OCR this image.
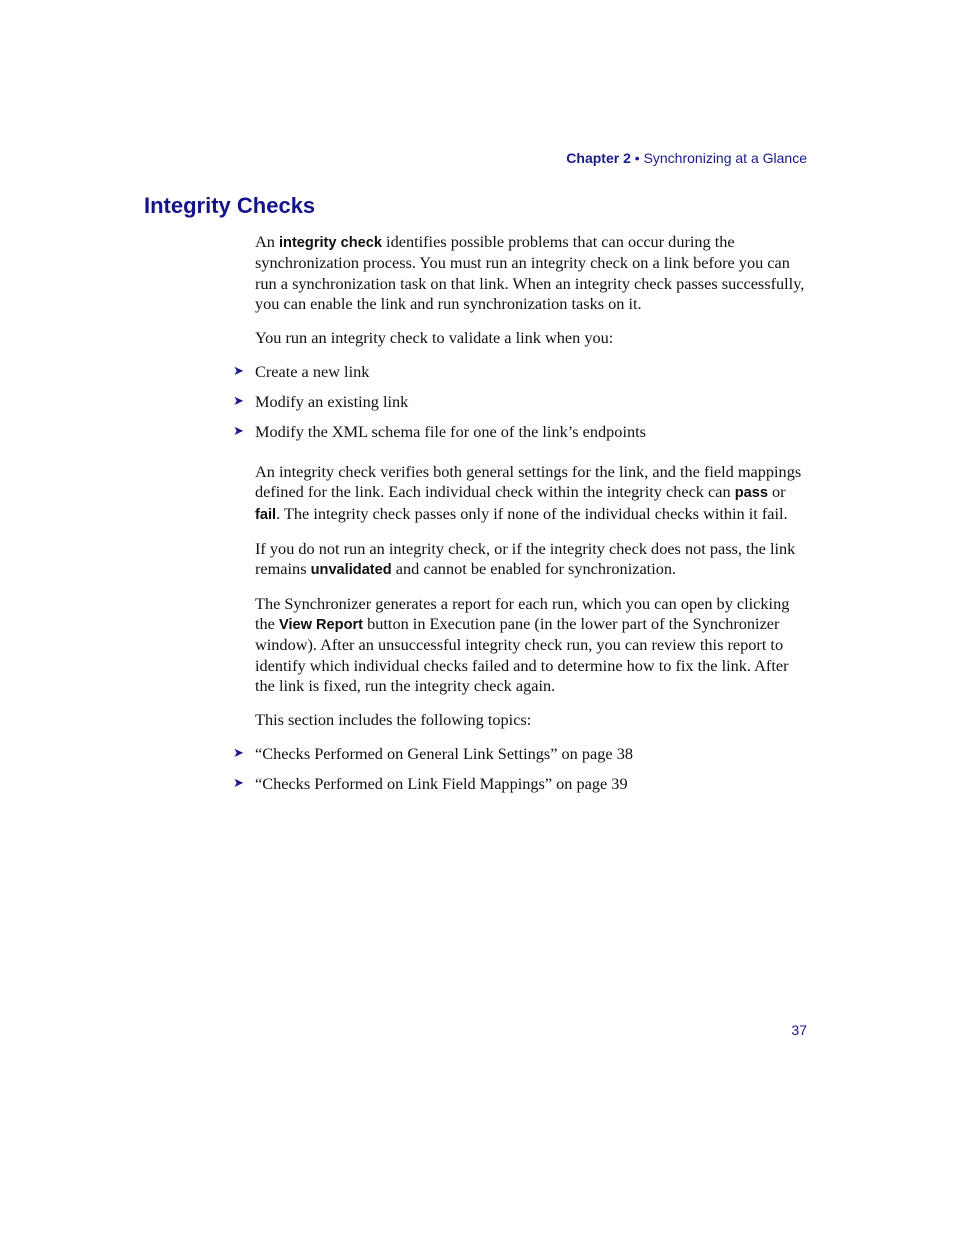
Chapter 2 • Synchronizing at a Glance
Integrity Checks

An integrity check identifies possible problems that can occur during the synchronization process. You must run an integrity check on a link before you can run a synchronization task on that link. When an integrity check passes successfully, you can enable the link and run synchronization tasks on it.

You run an integrity check to validate a link when you:

➤ Create a new link
➤ Modify an existing link
➤ Modify the XML schema file for one of the link’s endpoints

An integrity check verifies both general settings for the link, and the field mappings defined for the link. Each individual check within the integrity check can pass or fail. The integrity check passes only if none of the individual checks within it fail.

If you do not run an integrity check, or if the integrity check does not pass, the link remains unvalidated and cannot be enabled for synchronization.

The Synchronizer generates a report for each run, which you can open by clicking the View Report button in Execution pane (in the lower part of the Synchronizer window). After an unsuccessful integrity check run, you can review this report to identify which individual checks failed and to determine how to fix the link. After the link is fixed, run the integrity check again.

This section includes the following topics:

➤ “Checks Performed on General Link Settings” on page 38
➤ “Checks Performed on Link Field Mappings” on page 39
37
